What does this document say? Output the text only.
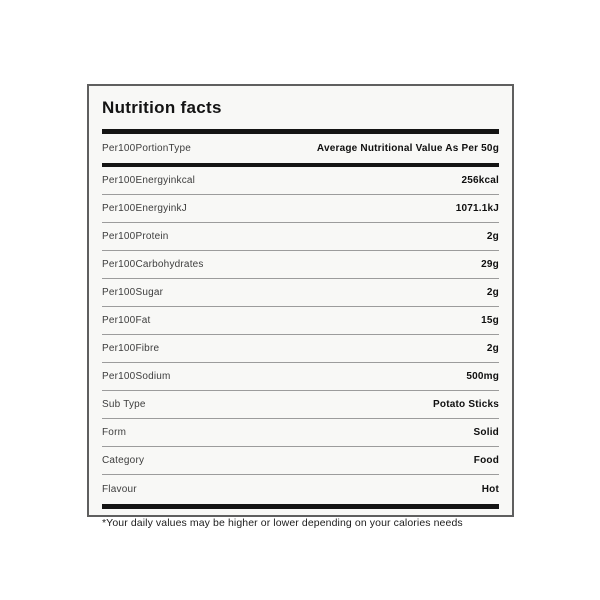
Nutrition facts
Per100PortionType	Average Nutritional Value As Per 50g
Per100Energyinkcal	256kcal
Per100EnergyinkJ	1071.1kJ
Per100Protein	2g
Per100Carbohydrates	29g
Per100Sugar	2g
Per100Fat	15g
Per100Fibre	2g
Per100Sodium	500mg
Sub Type	Potato Sticks
Form	Solid
Category	Food
Flavour	Hot
*Your daily values may be higher or lower depending on your calories needs
